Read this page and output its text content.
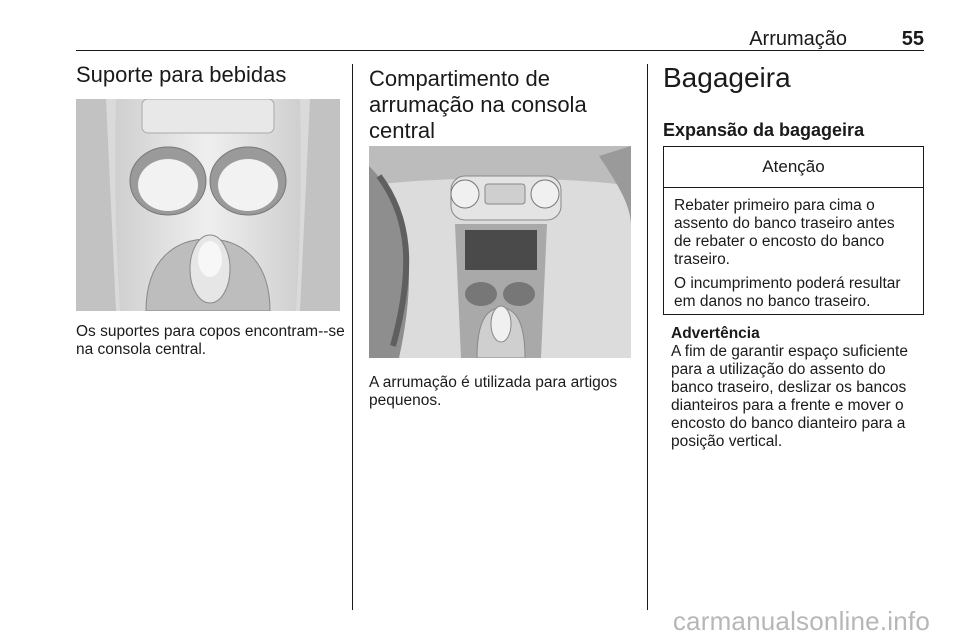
Arrumação	55
Suporte para bebidas

Os suportes para copos encontram--se na consola central.

Compartimento de
arrumação na consola
central

A arrumação é utilizada para artigos
pequenos.

Bagageira
Expansão da bagageira
Atenção

Rebater primeiro para cima o
assento do banco traseiro antes
de rebater o encosto do banco
traseiro.

O incumprimento poderá resultar
em danos no banco traseiro.

Advertência

A fim de garantir espaço suficiente
para a utilização do assento do
banco traseiro, deslizar os bancos
dianteiros para a frente e mover o
encosto do banco dianteiro para a
posição vertical.

carmanualsonline.info
